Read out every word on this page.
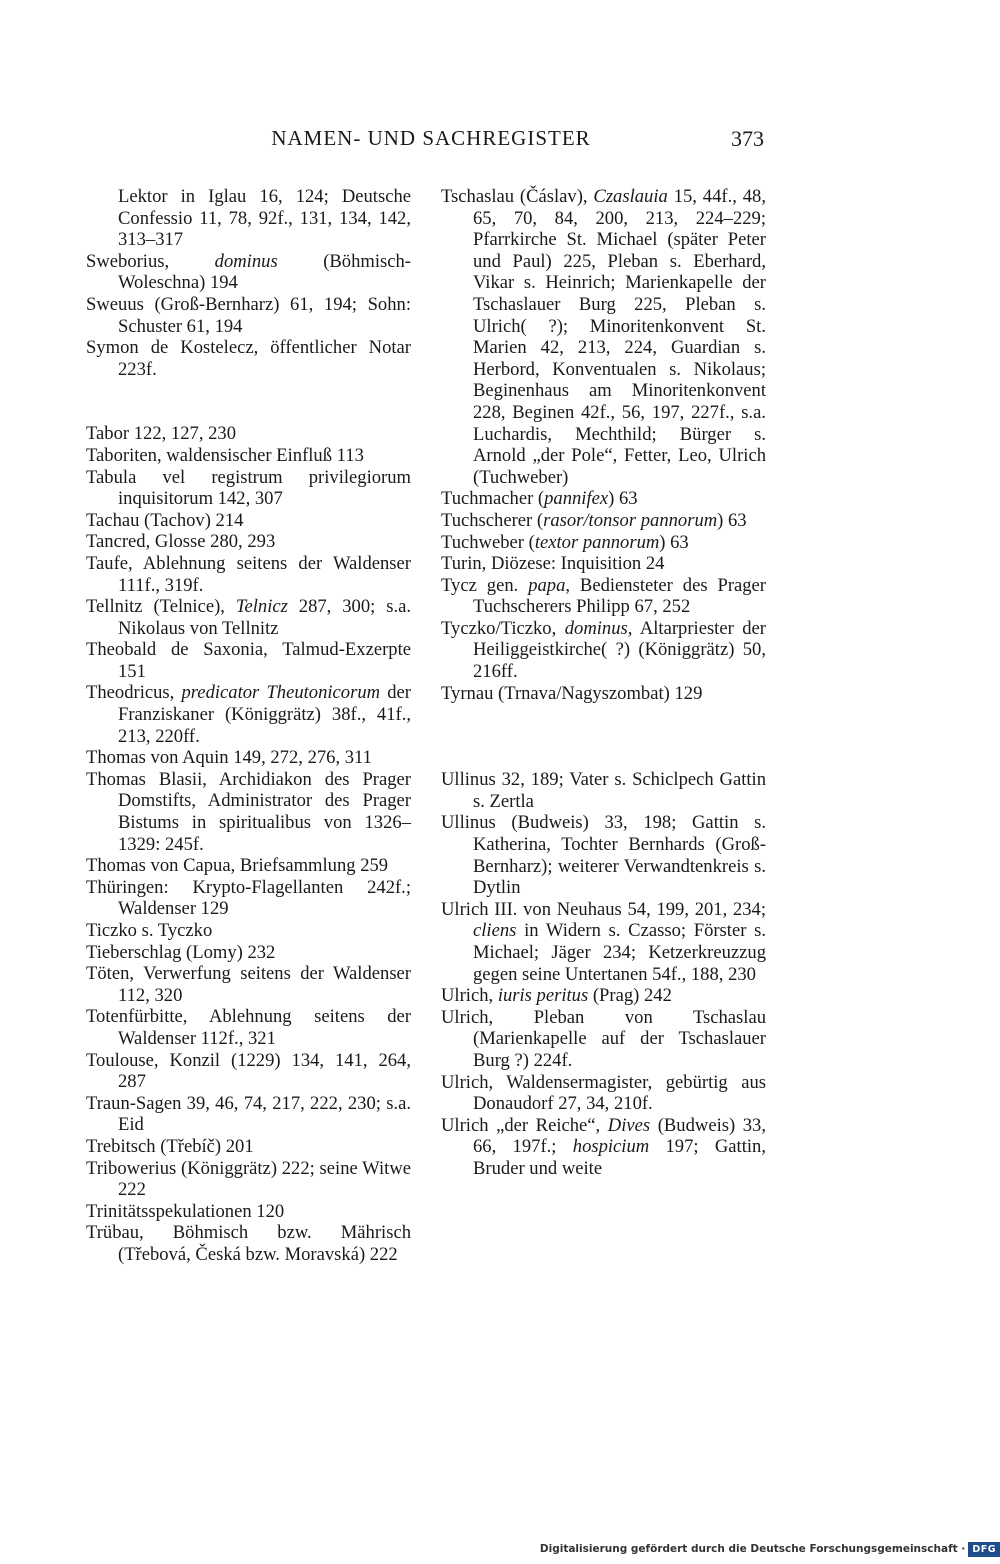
NAMEN- UND SACHREGISTER	373
Lektor in Iglau 16, 124; Deutsche Confessio 11, 78, 92f., 131, 134, 142, 313–317
Sweborius, dominus (Böhmisch-Woleschna) 194
Sweuus (Groß-Bernharz) 61, 194; Sohn: Schuster 61, 194
Symon de Kostelecz, öffentlicher Notar 223f.
Tabor 122, 127, 230
Taboriten, waldensischer Einfluß 113
Tabula vel registrum privilegiorum inquisitorum 142, 307
Tachau (Tachov) 214
Tancred, Glosse 280, 293
Taufe, Ablehnung seitens der Waldenser 111f., 319f.
Tellnitz (Telnice), Telnicz 287, 300; s.a. Nikolaus von Tellnitz
Theobald de Saxonia, Talmud-Exzerpte 151
Theodricus, predicator Theutonicorum der Franziskaner (Königgrätz) 38f., 41f., 213, 220ff.
Thomas von Aquin 149, 272, 276, 311
Thomas Blasii, Archidiakon des Prager Domstifts, Administrator des Prager Bistums in spiritualibus von 1326–1329: 245f.
Thomas von Capua, Briefsammlung 259
Thüringen: Krypto-Flagellanten 242f.; Waldenser 129
Ticzko s. Tyczko
Tieberschlag (Lomy) 232
Töten, Verwerfung seitens der Waldenser 112, 320
Totenfürbitte, Ablehnung seitens der Waldenser 112f., 321
Toulouse, Konzil (1229) 134, 141, 264, 287
Traun-Sagen 39, 46, 74, 217, 222, 230; s.a. Eid
Trebitsch (Třebíč) 201
Tribowerius (Königgrätz) 222; seine Witwe 222
Trinitätsspekulationen 120
Trübau, Böhmisch bzw. Mährisch (Třebová, Česká bzw. Moravská) 222
Tschaslau (Čáslav), Czaslauia 15, 44f., 48, 65, 70, 84, 200, 213, 224–229; Pfarrkirche St. Michael (später Peter und Paul) 225, Pleban s. Eberhard, Vikar s. Heinrich; Marienkapelle der Tschaslauer Burg 225, Pleban s. Ulrich( ?); Minoritenkonvent St. Marien 42, 213, 224, Guardian s. Herbord, Konventualen s. Nikolaus; Beginenhaus am Minoritenkonvent 228, Beginen 42f., 56, 197, 227f., s.a. Luchardis, Mechthild; Bürger s. Arnold „der Pole“, Fetter, Leo, Ulrich (Tuchweber)
Tuchmacher (pannifex) 63
Tuchscherer (rasor/tonsor pannorum) 63
Tuchweber (textor pannorum) 63
Turin, Diözese: Inquisition 24
Tycz gen. papa, Bediensteter des Prager Tuchscherers Philipp 67, 252
Tyczko/Ticzko, dominus, Altarpriester der Heiliggeistkirche( ?) (Königgrätz) 50, 216ff.
Tyrnau (Trnava/Nagyszombat) 129
Ullinus 32, 189; Vater s. Schiclpech Gattin s. Zertla
Ullinus (Budweis) 33, 198; Gattin s. Katherina, Tochter Bernhards (Groß-Bernharz); weiterer Verwandtenkreis s. Dytlin
Ulrich III. von Neuhaus 54, 199, 201, 234; cliens in Widern s. Czasso; Förster s. Michael; Jäger 234; Ketzerkreuzzug gegen seine Untertanen 54f., 188, 230
Ulrich, iuris peritus (Prag) 242
Ulrich, Pleban von Tschaslau (Marienkapelle auf der Tschaslauer Burg ?) 224f.
Ulrich, Waldensermagister, gebürtig aus Donaudorf 27, 34, 210f.
Ulrich „der Reiche“, Dives (Budweis) 33, 66, 197f.; hospicium 197; Gattin, Bruder und weite
Digitalisierung gefördert durch die Deutsche Forschungsgemeinschaft · DFG
